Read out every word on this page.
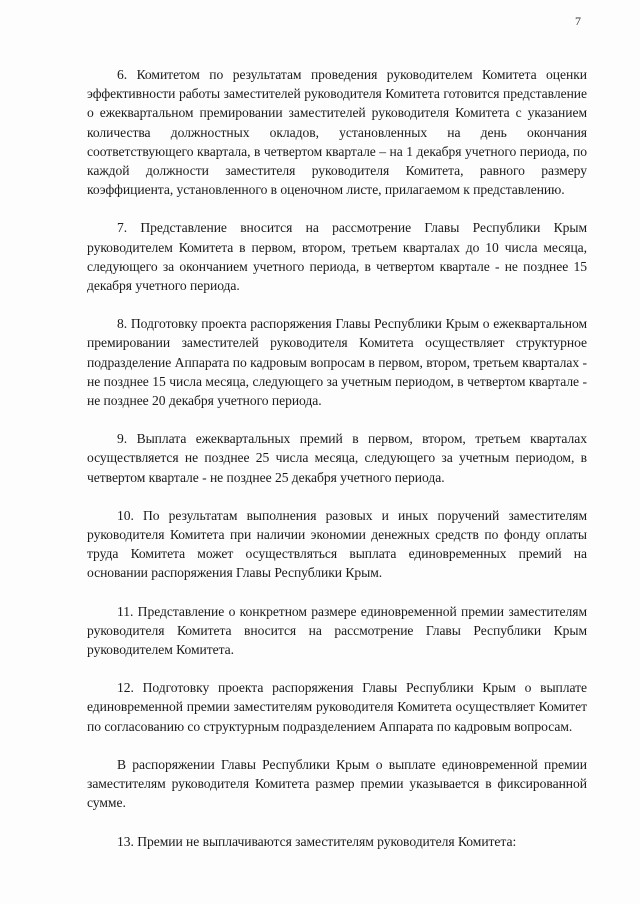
7

6. Комитетом по результатам проведения руководителем Комитета оценки эффективности работы заместителей руководителя Комитета готовится представление о ежеквартальном премировании заместителей руководителя Комитета с указанием количества должностных окладов, установленных на день окончания соответствующего квартала, в четвертом квартале – на 1 декабря учетного периода, по каждой должности заместителя руководителя Комитета, равного размеру коэффициента, установленного в оценочном листе, прилагаемом к представлению.

7. Представление вносится на рассмотрение Главы Республики Крым руководителем Комитета в первом, втором, третьем кварталах до 10 числа месяца, следующего за окончанием учетного периода, в четвертом квартале - не позднее 15 декабря учетного периода.

8. Подготовку проекта распоряжения Главы Республики Крым о ежеквартальном премировании заместителей руководителя Комитета осуществляет структурное подразделение Аппарата по кадровым вопросам в первом, втором, третьем кварталах - не позднее 15 числа месяца, следующего за учетным периодом, в четвертом квартале - не позднее 20 декабря учетного периода.

9. Выплата ежеквартальных премий в первом, втором, третьем кварталах осуществляется не позднее 25 числа месяца, следующего за учетным периодом, в четвертом квартале - не позднее 25 декабря учетного периода.

10. По результатам выполнения разовых и иных поручений заместителям руководителя Комитета при наличии экономии денежных средств по фонду оплаты труда Комитета может осуществляться выплата единовременных премий на основании распоряжения Главы Республики Крым.

11. Представление о конкретном размере единовременной премии заместителям руководителя Комитета вносится на рассмотрение Главы Республики Крым руководителем Комитета.

12. Подготовку проекта распоряжения Главы Республики Крым о выплате единовременной премии заместителям руководителя Комитета осуществляет Комитет по согласованию со структурным подразделением Аппарата по кадровым вопросам.

В распоряжении Главы Республики Крым о выплате единовременной премии заместителям руководителя Комитета размер премии указывается в фиксированной сумме.

13. Премии не выплачиваются заместителям руководителя Комитета:
